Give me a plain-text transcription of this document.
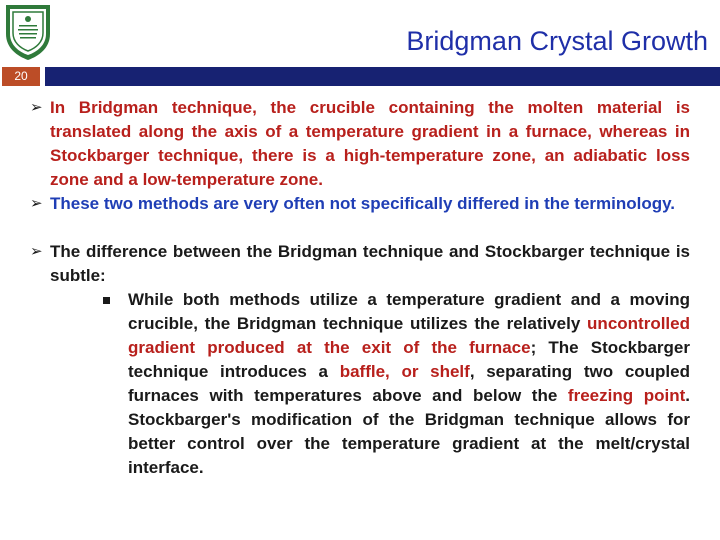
Bridgman Crystal Growth
20
➢ In Bridgman technique, the crucible containing the molten material is translated along the axis of a temperature gradient in a furnace, whereas in Stockbarger technique, there is a high-temperature zone, an adiabatic loss zone and a low-temperature zone.
➢ These two methods are very often not specifically differed in the terminology.
➢ The difference between the Bridgman technique and Stockbarger technique is subtle:
While both methods utilize a temperature gradient and a moving crucible, the Bridgman technique utilizes the relatively uncontrolled gradient produced at the exit of the furnace; The Stockbarger technique introduces a baffle, or shelf, separating two coupled furnaces with temperatures above and below the freezing point. Stockbarger's modification of the Bridgman technique allows for better control over the temperature gradient at the melt/crystal interface.
